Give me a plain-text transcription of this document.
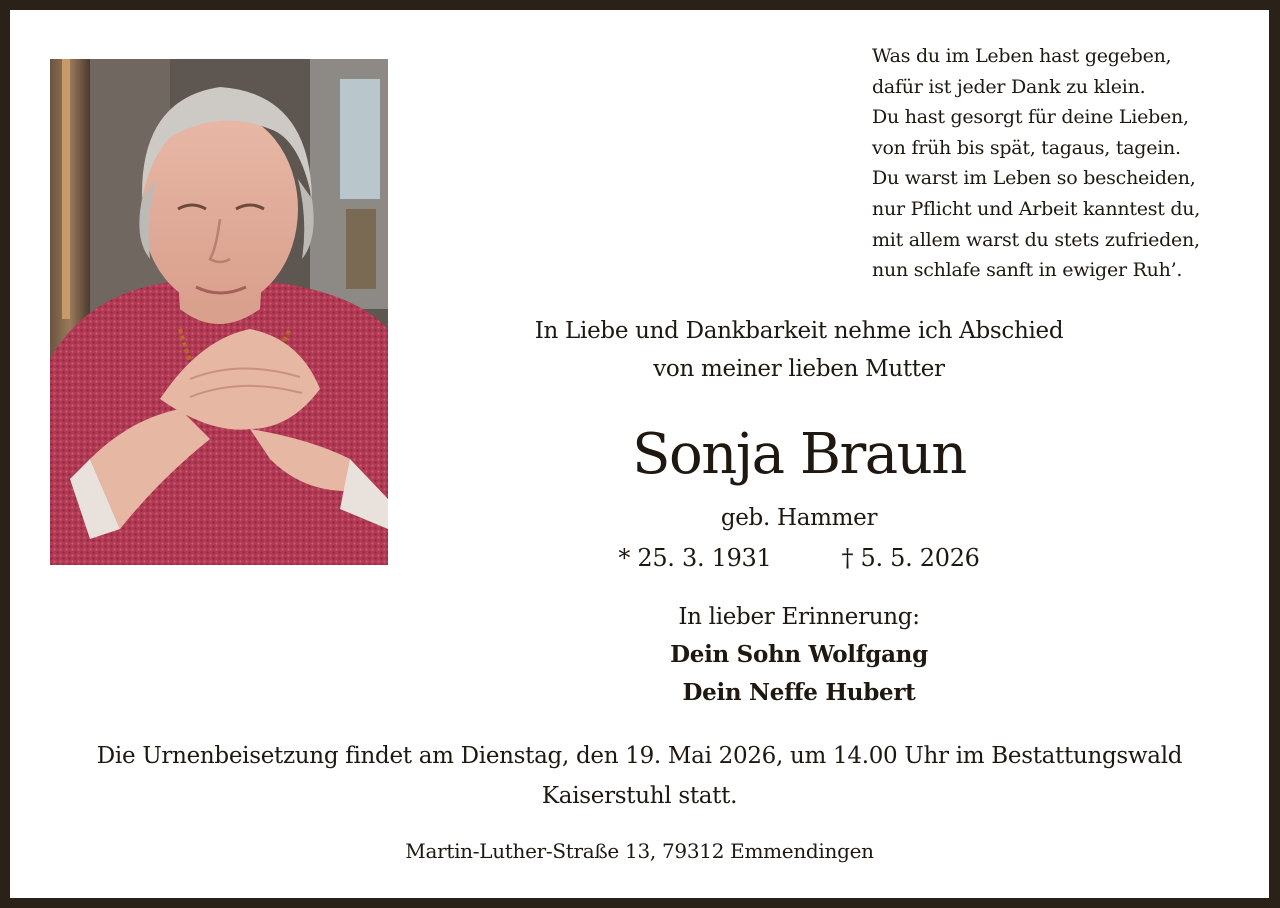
Was du im Leben hast gegeben,
dafür ist jeder Dank zu klein.
Du hast gesorgt für deine Lieben,
von früh bis spät, tagaus, tagein.
Du warst im Leben so bescheiden,
nur Pflicht und Arbeit kanntest du,
mit allem warst du stets zufrieden,
nun schlafe sanft in ewiger Ruh’.
In Liebe und Dankbarkeit nehme ich Abschied
von meiner lieben Mutter
Sonja Braun
geb. Hammer
* 25. 3. 1931	† 5. 5. 2026
In lieber Erinnerung:
Dein Sohn Wolfgang
Dein Neffe Hubert
Die Urnenbeisetzung findet am Dienstag, den 19. Mai 2026, um 14.00 Uhr im Bestattungswald
Kaiserstuhl statt.
Martin-Luther-Straße 13, 79312 Emmendingen
